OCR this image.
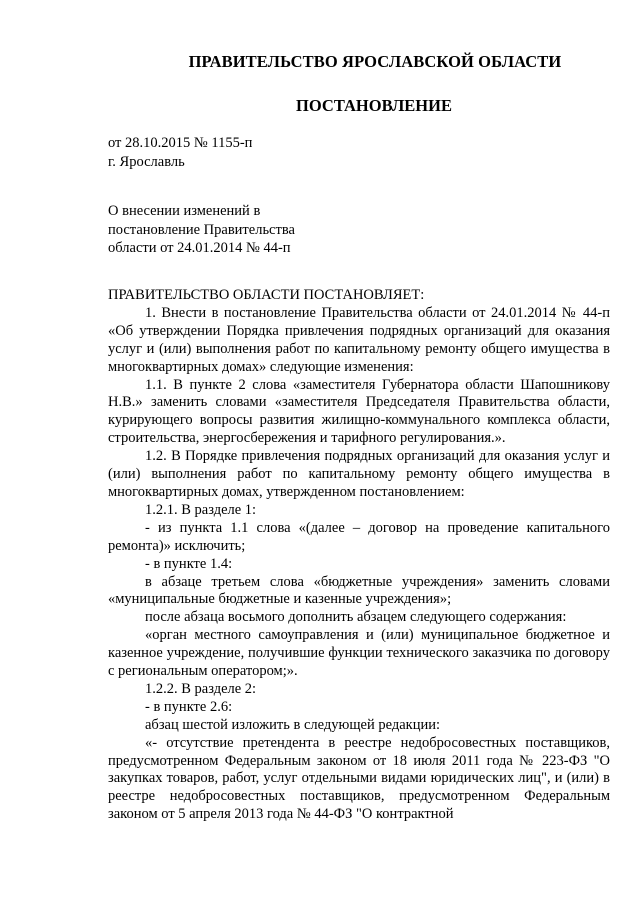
ПРАВИТЕЛЬСТВО ЯРОСЛАВСКОЙ ОБЛАСТИ
ПОСТАНОВЛЕНИЕ
от 28.10.2015 № 1155-п
г. Ярославль
О внесении изменений в
постановление Правительства
области от 24.01.2014 № 44-п

ПРАВИТЕЛЬСТВО ОБЛАСТИ ПОСТАНОВЛЯЕТ:

1. Внести в постановление Правительства области от 24.01.2014 № 44-п «Об утверждении Порядка привлечения подрядных организаций для оказания услуг и (или) выполнения работ по капитальному ремонту общего имущества в многоквартирных домах» следующие изменения:

1.1. В пункте 2 слова «заместителя Губернатора области Шапошникову Н.В.» заменить словами «заместителя Председателя Правительства области, курирующего вопросы развития жилищно-коммунального комплекса области, строительства, энергосбережения и тарифного регулирования.».

1.2. В Порядке привлечения подрядных организаций для оказания услуг и (или) выполнения работ по капитальному ремонту общего имущества в многоквартирных домах, утвержденном постановлением:

1.2.1. В разделе 1:

- из пункта 1.1 слова «(далее – договор на проведение капитального ремонта)» исключить;

- в пункте 1.4:

в абзаце третьем слова «бюджетные учреждения» заменить словами «муниципальные бюджетные и казенные учреждения»;

после абзаца восьмого дополнить абзацем следующего содержания:

«орган местного самоуправления и (или) муниципальное бюджетное и казенное учреждение, получившие функции технического заказчика по договору с региональным оператором;».

1.2.2. В разделе 2:

- в пункте 2.6:

абзац шестой изложить в следующей редакции:

«- отсутствие претендента в реестре недобросовестных поставщиков, предусмотренном Федеральным законом от 18 июля 2011 года № 223-ФЗ "О закупках товаров, работ, услуг отдельными видами юридических лиц", и (или) в реестре недобросовестных поставщиков, предусмотренном Федеральным законом от 5 апреля 2013 года № 44-ФЗ "О контрактной
